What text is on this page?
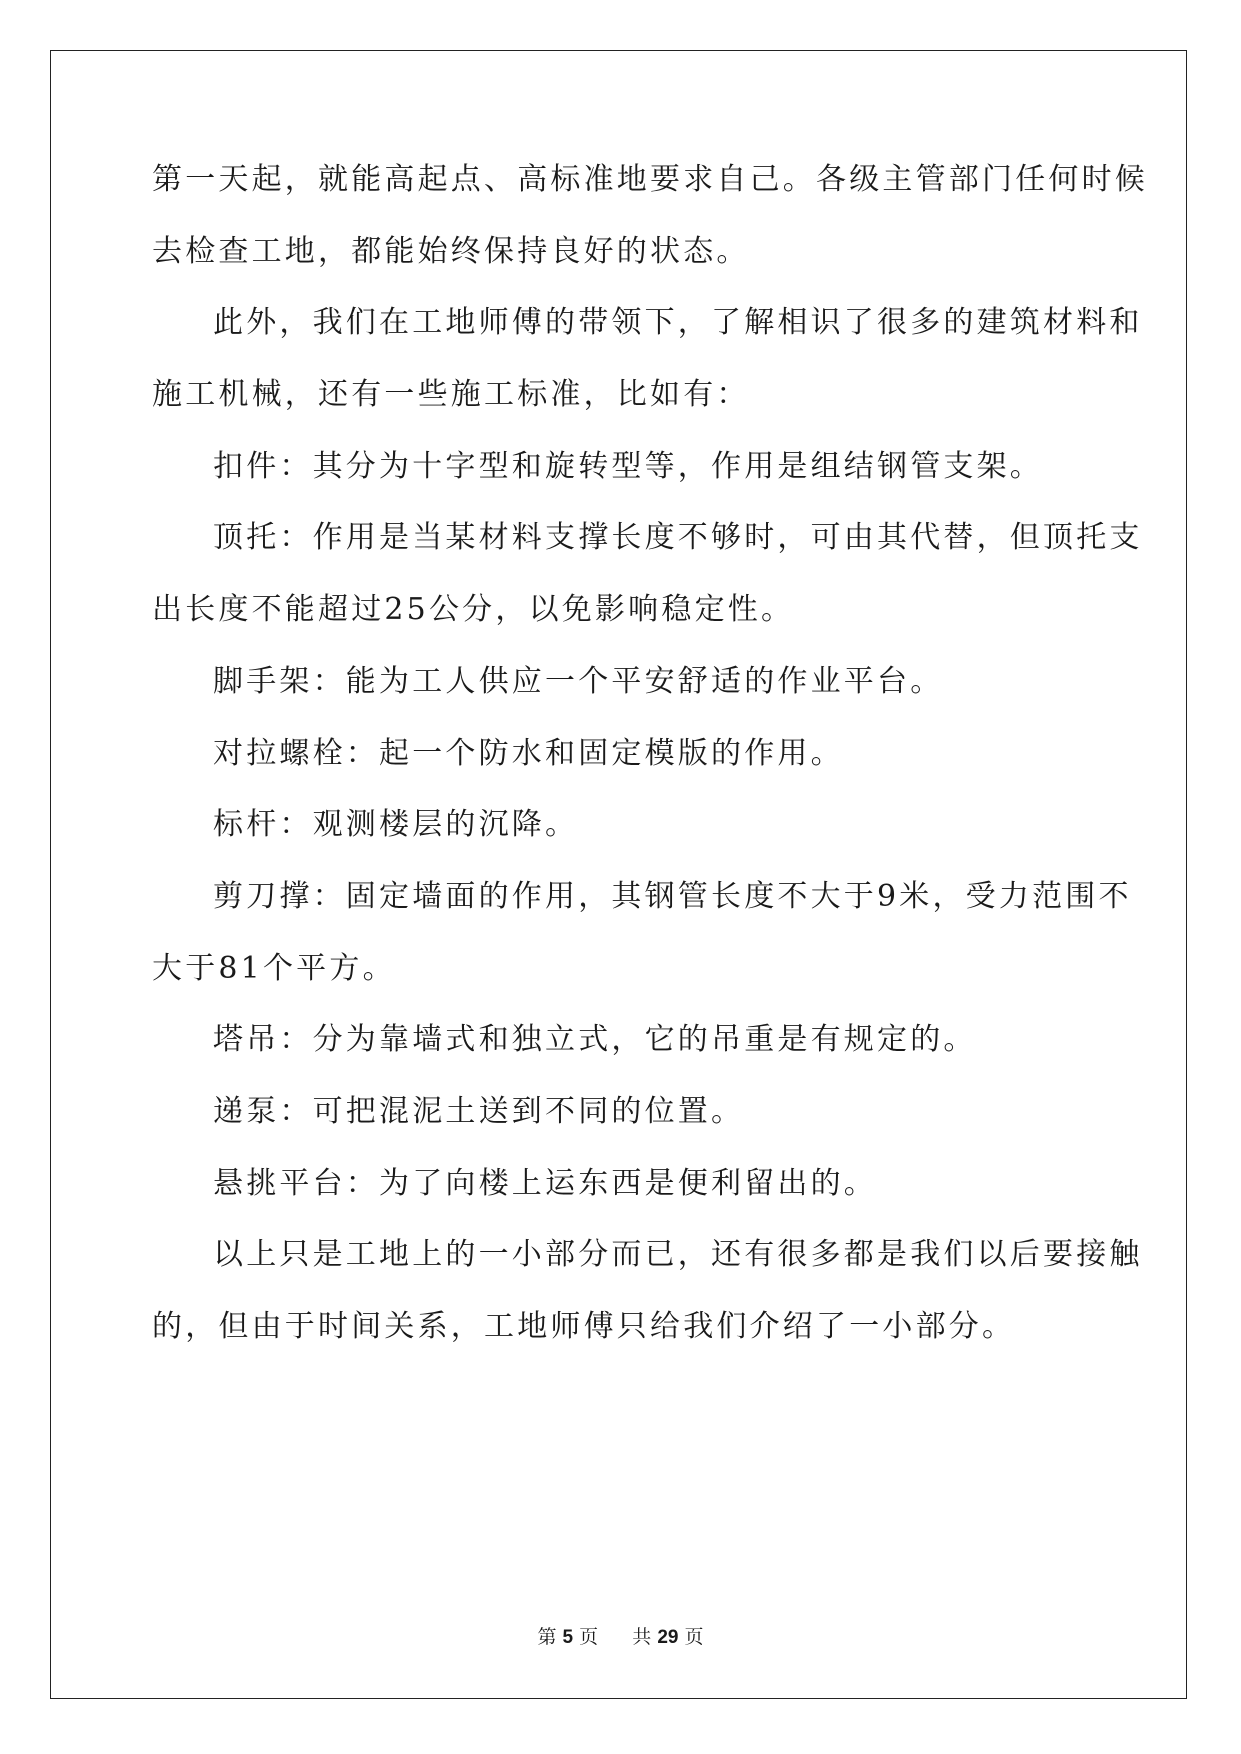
第一天起，就能高起点、高标准地要求自己。各级主管部门任何时候
去检查工地，都能始终保持良好的状态。
此外，我们在工地师傅的带领下，了解相识了很多的建筑材料和
施工机械，还有一些施工标准，比如有：
扣件：其分为十字型和旋转型等，作用是组结钢管支架。
顶托：作用是当某材料支撑长度不够时，可由其代替，但顶托支
出长度不能超过25公分，以免影响稳定性。
脚手架：能为工人供应一个平安舒适的作业平台。
对拉螺栓：起一个防水和固定模版的作用。
标杆：观测楼层的沉降。
剪刀撑：固定墙面的作用，其钢管长度不大于9米，受力范围不
大于81个平方。
塔吊：分为靠墙式和独立式，它的吊重是有规定的。
递泵：可把混泥土送到不同的位置。
悬挑平台：为了向楼上运东西是便利留出的。
以上只是工地上的一小部分而已，还有很多都是我们以后要接触
的，但由于时间关系，工地师傅只给我们介绍了一小部分。
第 5 页 共 29 页
